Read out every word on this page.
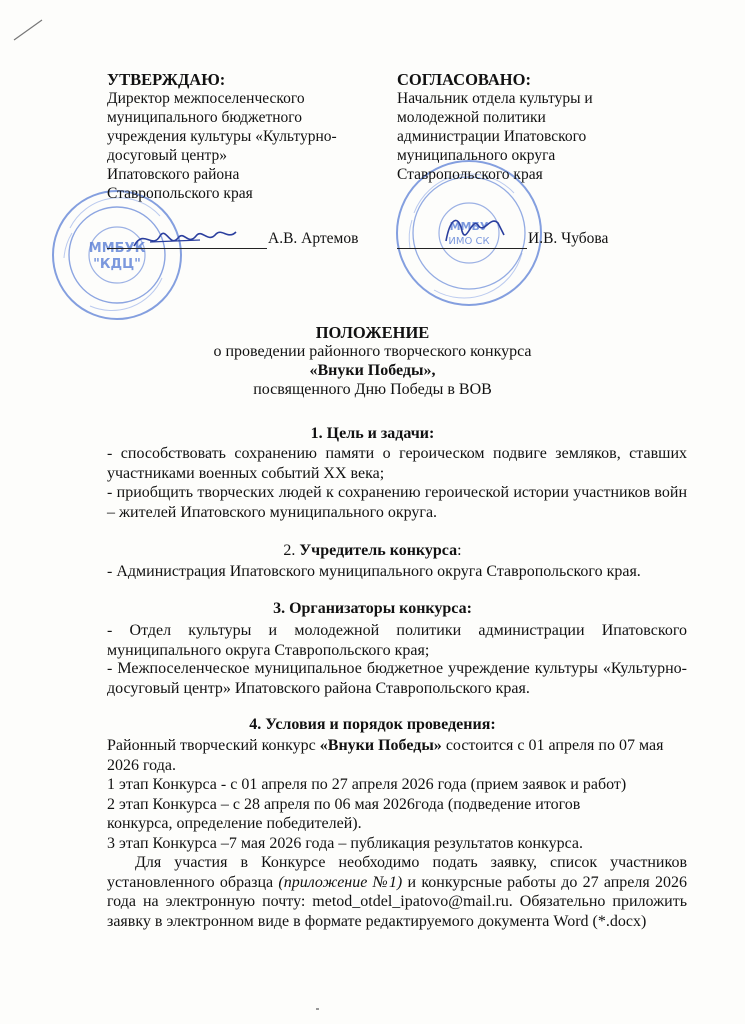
ММБУК
"КДЦ"
ММБУ
ИМО СК
УТВЕРЖДАЮ:
Директор межпоселенческого
муниципального бюджетного
учреждения культуры «Культурно-
досуговый центр»
Ипатовского района
Ставропольского края
А.В. Артемов
СОГЛАСОВАНО:
Начальник отдела культуры и
молодежной политики
администрации Ипатовского
муниципального округа
Ставропольского края
И.В. Чубова
ПОЛОЖЕНИЕ
о проведении районного творческого конкурса
«Внуки Победы»,
посвященного Дню Победы в ВОВ
1. Цель и задачи:
- способствовать сохранению памяти о героическом подвиге земляков, ставших участниками военных событий XX века;
- приобщить творческих людей к сохранению героической истории участников войн – жителей Ипатовского муниципального округа.
2. Учредитель конкурса:
- Администрация Ипатовского муниципального округа Ставропольского края.
3. Организаторы конкурса:
- Отдел культуры и молодежной политики администрации Ипатовского муниципального округа Ставропольского края;
- Межпоселенческое муниципальное бюджетное учреждение культуры «Культурно-досуговый центр» Ипатовского района Ставропольского края.
4. Условия и порядок проведения:
Районный творческий конкурс «Внуки Победы» состоится с 01 апреля по 07 мая 2026 года.
1 этап Конкурса - с 01 апреля по 27 апреля 2026 года (прием заявок и работ)
2 этап Конкурса – с 28 апреля по 06 мая 2026года (подведение итогов
конкурса, определение победителей).
3 этап Конкурса –7 мая 2026 года – публикация результатов конкурса.
Для участия в Конкурсе необходимо подать заявку, список участников установленного образца (приложение №1) и конкурсные работы до 27 апреля 2026 года на электронную почту: metod_otdel_ipatovo@mail.ru. Обязательно приложить заявку в электронном виде в формате редактируемого документа Word (*.docx)
